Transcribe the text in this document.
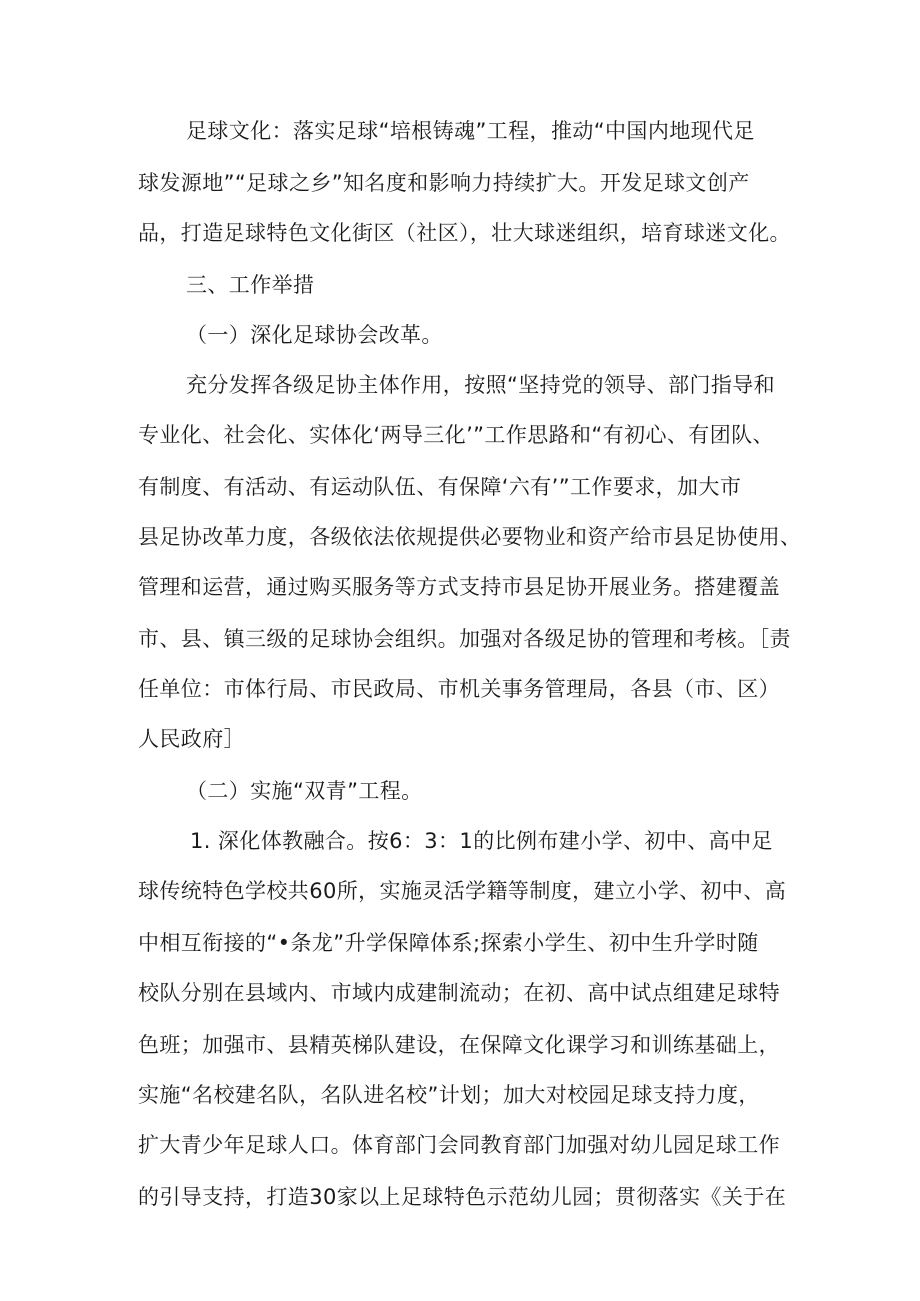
足球文化：落实足球“培根铸魂”工程，推动“中国内地现代足
球发源地”“足球之乡”知名度和影响力持续扩大。开发足球文创产
品，打造足球特色文化街区（社区），壮大球迷组织，培育球迷文化。
三、工作举措
（一）深化足球协会改革。
充分发挥各级足协主体作用，按照“坚持党的领导、部门指导和
专业化、社会化、实体化‘两导三化’”工作思路和“有初心、有团队、
有制度、有活动、有运动队伍、有保障‘六有’”工作要求，加大市
县足协改革力度，各级依法依规提供必要物业和资产给市县足协使用、
管理和运营，通过购买服务等方式支持市县足协开展业务。搭建覆盖
市、县、镇三级的足球协会组织。加强对各级足协的管理和考核。［责
任单位：市体行局、市民政局、市机关事务管理局，各县（市、区）
人民政府］
（二）实施“双青”工程。
1. 深化体教融合。按6：3：1的比例布建小学、初中、高中足
球传统特色学校共60所，实施灵活学籍等制度，建立小学、初中、高
中相互衔接的“•条龙”升学保障体系;探索小学生、初中生升学时随
校队分别在县域内、市域内成建制流动；在初、高中试点组建足球特
色班；加强市、县精英梯队建设，在保障文化课学习和训练基础上，
实施“名校建名队，名队进名校”计划；加大对校园足球支持力度，
扩大青少年足球人口。体育部门会同教育部门加强对幼儿园足球工作
的引导支持，打造30家以上足球特色示范幼儿园；贯彻落实《关于在
